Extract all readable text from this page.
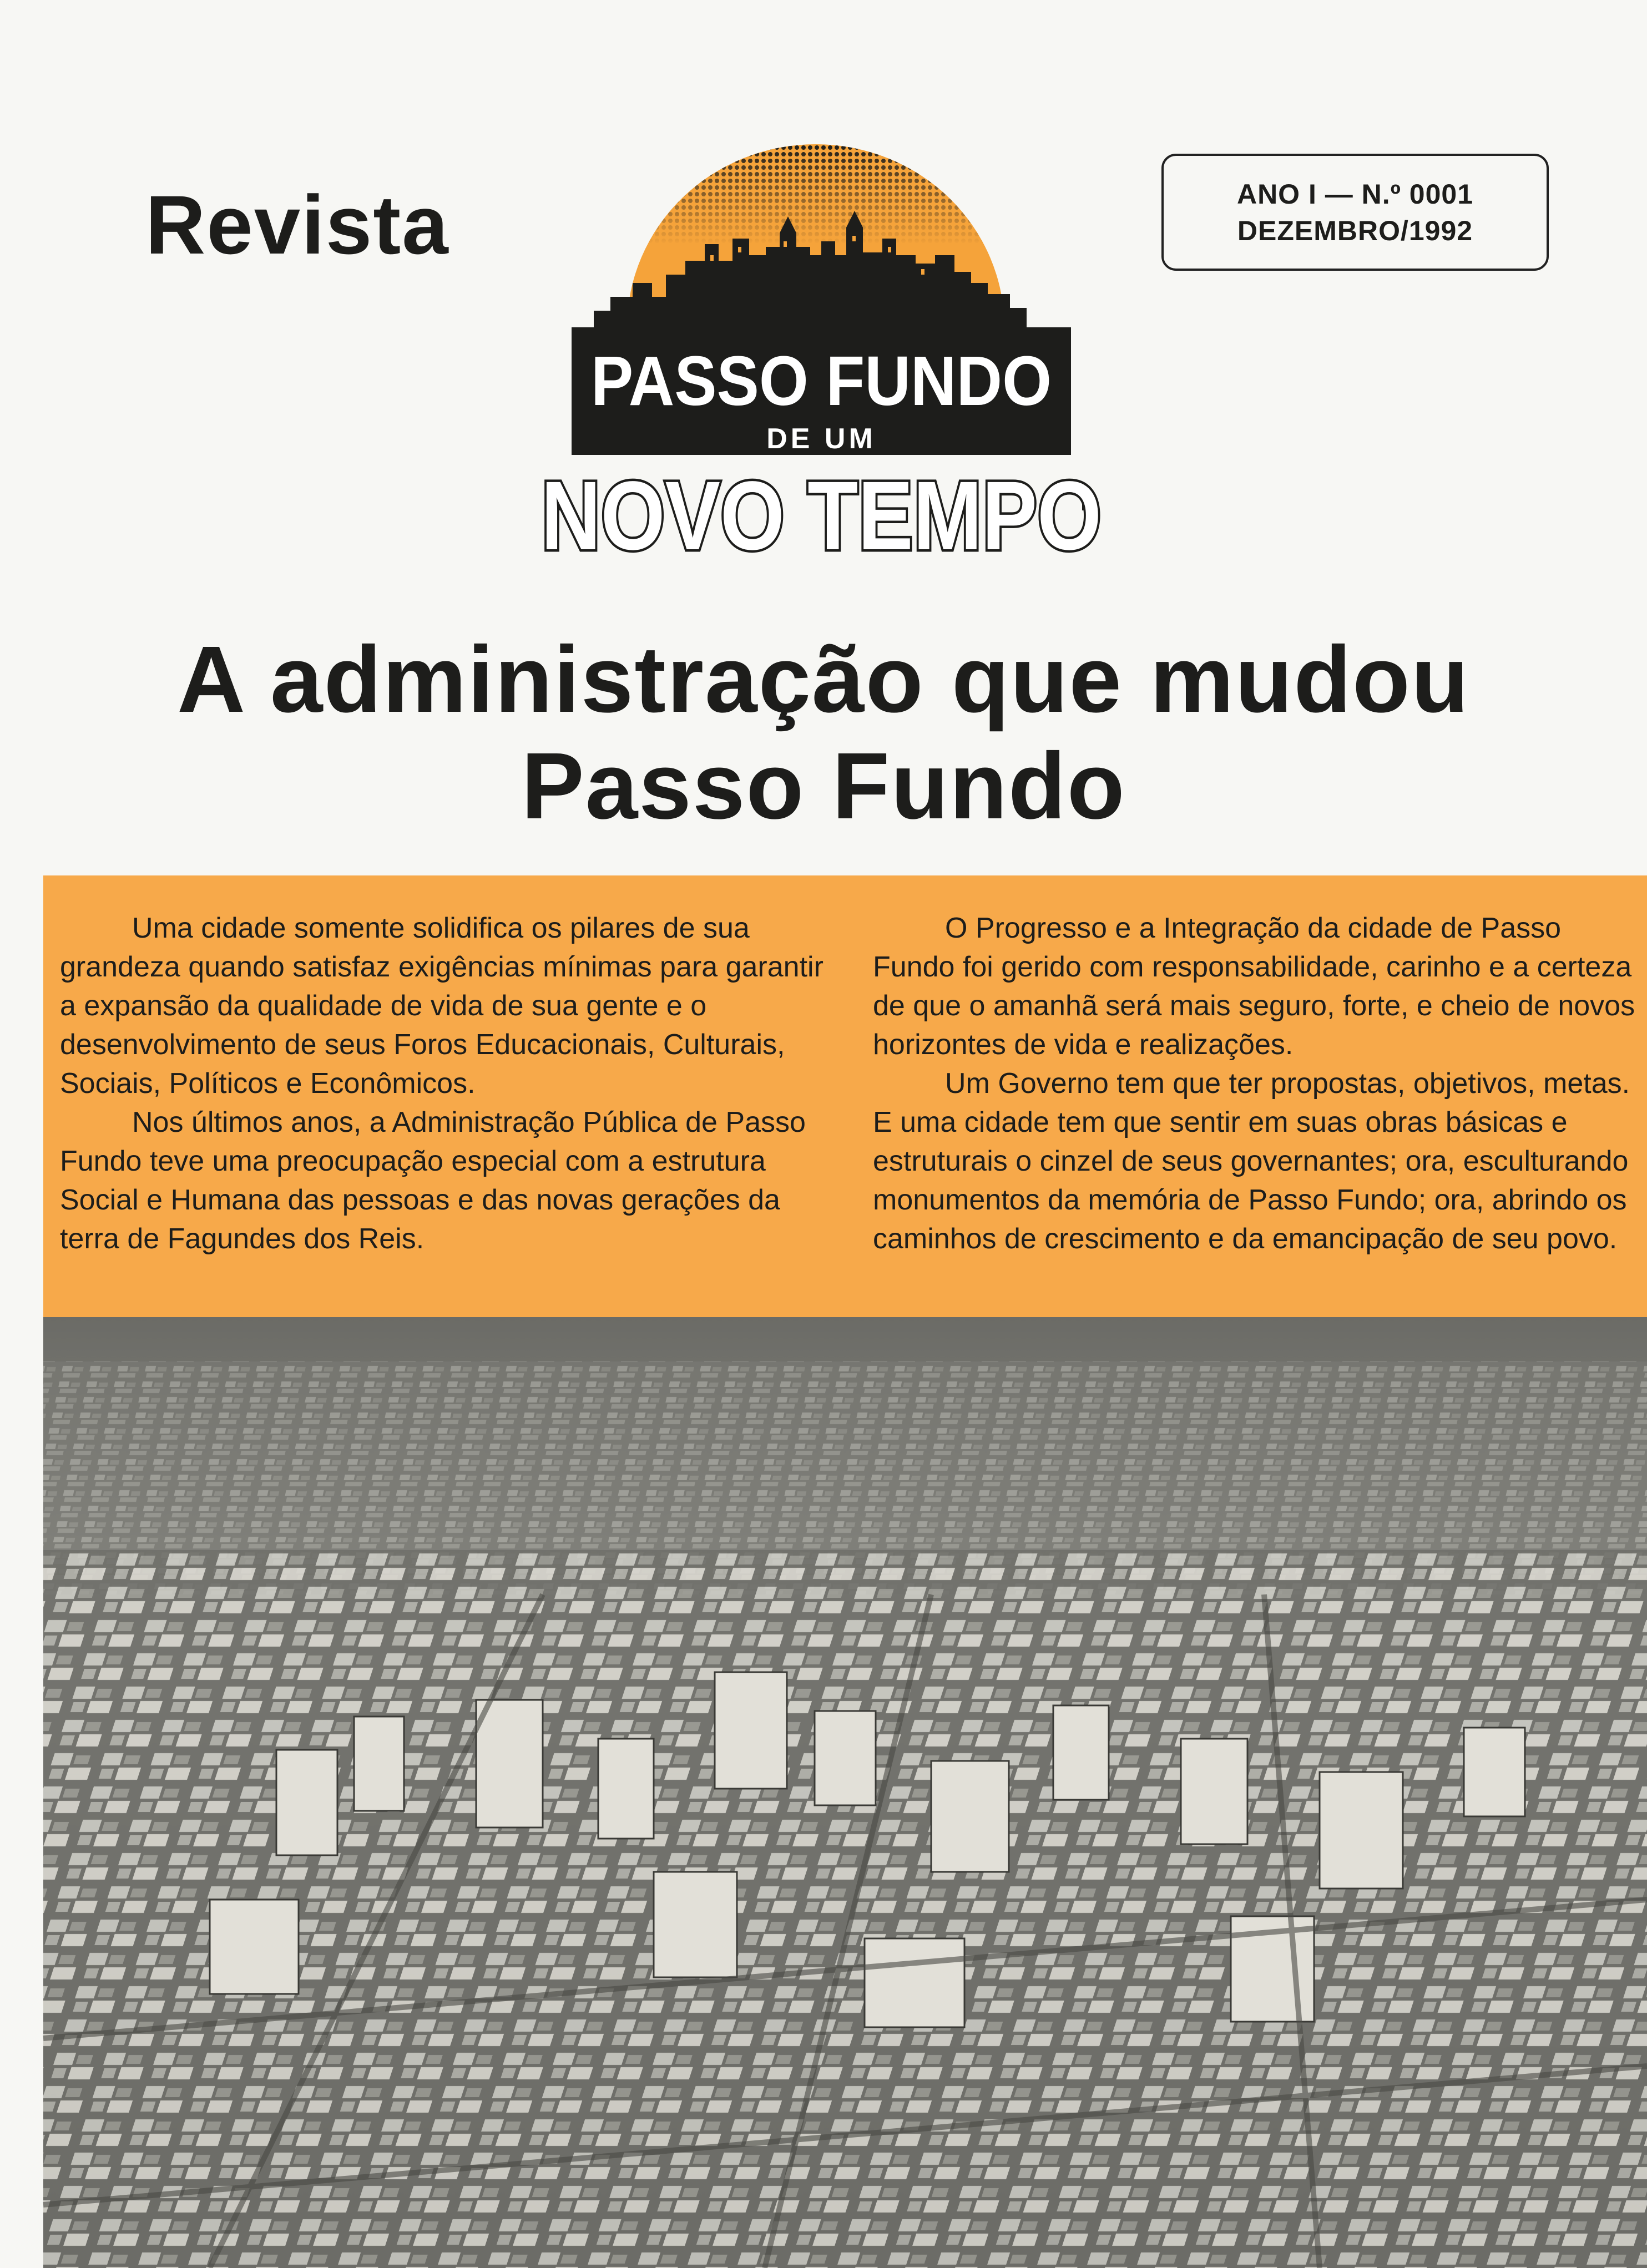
Revista	ANO I — N.º 0001
DEZEMBRO/1992
PASSO FUNDO
DE UM
NOVO TEMPO
A administração que mudou
Passo Fundo

Uma cidade somente solidifica os pilares de sua grandeza quando satisfaz exigências mínimas para garantir a expansão da qualidade de vida de sua gente e o desenvolvimento de seus Foros Educacionais, Culturais, Sociais, Políticos e Econômicos.

Nos últimos anos, a Administração Pública de Passo Fundo teve uma preocupação especial com a estrutura Social e Humana das pessoas e das novas gerações da terra de Fagundes dos Reis.

O Progresso e a Integração da cidade de Passo Fundo foi gerido com responsabilidade, carinho e a certeza de que o amanhã será mais seguro, forte, e cheio de novos horizontes de vida e realizações.

Um Governo tem que ter propostas, objetivos, metas. E uma cidade tem que sentir em suas obras básicas e estruturais o cinzel de seus governantes; ora, esculturando monumentos da memória de Passo Fundo; ora, abrindo os caminhos de crescimento e da emancipação de seu povo.
